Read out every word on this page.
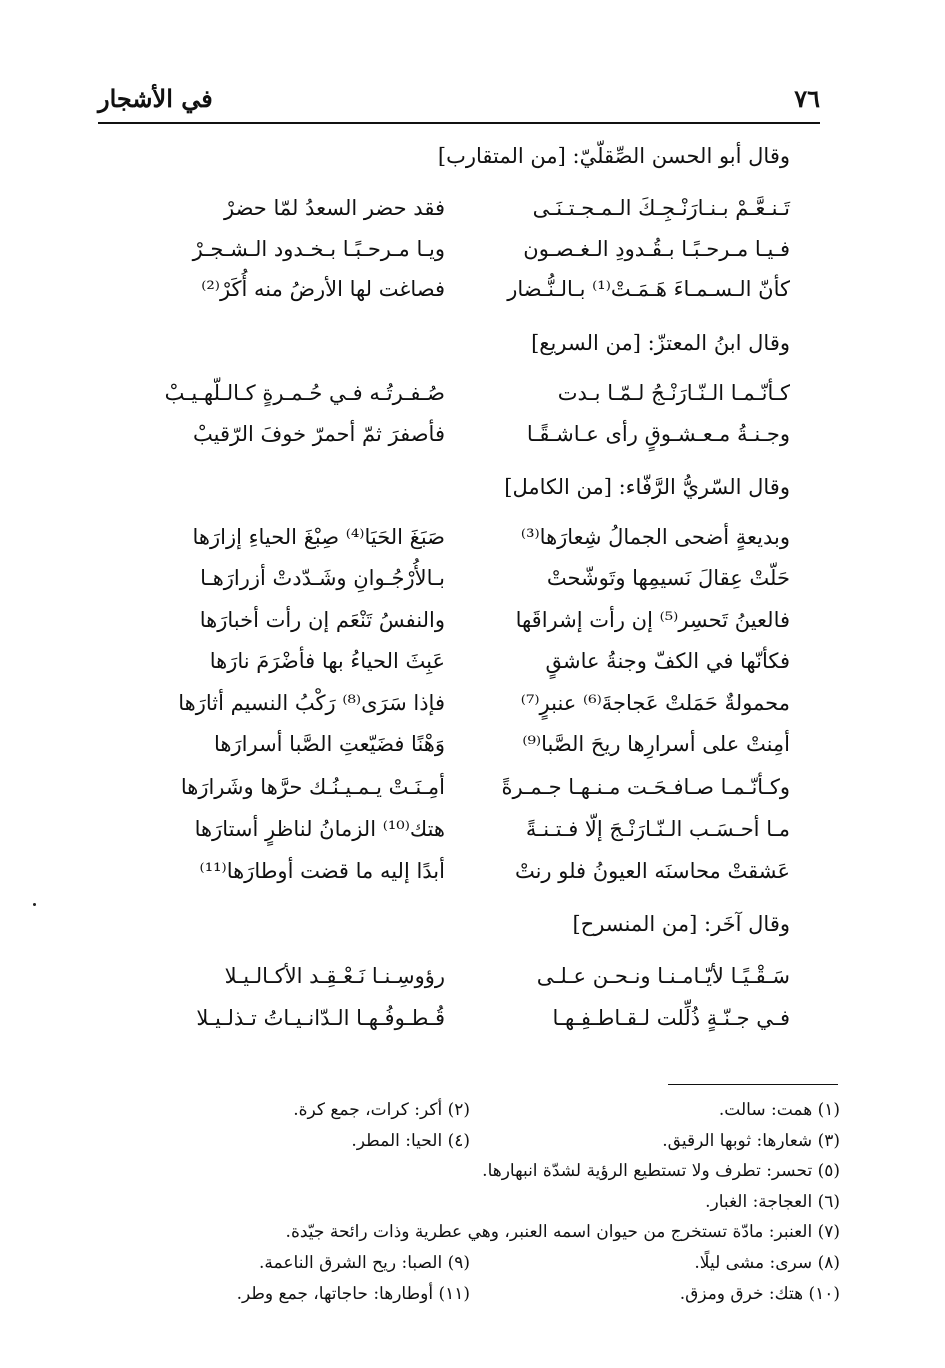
٧٦
في الأشجار
وقال أبو الحسن الصِّقلّيّ: [من المتقارب]
تَـنـعَّـمْ بـنـارَنْـجِـكَ الـمـجـتـنَـى
فقد حضر السعدُ لمّا حضرْ
فـيـا مـرحـبًـا بـقُـدودِ الـغـصـون
ويـا مـرحـبًـا بـخـدود الـشـجـرْ
كأنّ الـسـمـاءَ هَـمَـتْ⁽¹⁾ بـالـنُّـضار
فصاغت لها الأرضُ منه أُكَرْ⁽²⁾
وقال ابنُ المعتزّ: [من السريع]
كـأنّـمـا الـنّـارَنْـجُ لـمّـا بـدت
صُـفـرتُـه فـي حُـمـرةٍ كـالـلّهـيـبْ
وجـنـةُ مـعـشـوقٍ رأى عـاشـقًـا
فأصفرَ ثمّ أحمرّ خوفَ الرّقيبْ
وقال السّريُّ الرَّفّاء: [من الكامل]
وبديعةٍ أضحى الجمالُ شِعارَها⁽³⁾
صَبَغَ الحَيَا⁽⁴⁾ صِبْغَ الحياءِ إزارَها
حَلّتْ عِقالَ نَسيمِها وتَوشّحتْ
بـالأُرْجُـوانِ وشَـدّدتْ أزرارَهـا
فالعينُ تَحسِر⁽⁵⁾ إن رأت إشراقَها
والنفسُ تَنْعَم إن رأت أخبارَها
فكأنّها في الكفّ وجنةُ عاشقٍ
عَبِثَ الحياءُ بها فأضْرَمَ نارَها
محمولةٌ حَمَلتْ عَجاجةَ⁽⁶⁾ عنبرٍ⁽⁷⁾
فإذا سَرَى⁽⁸⁾ رَكْبُ النسيم أثارَها
أمِنتْ على أسرارِها ريحَ الصَّبا⁽⁹⁾
وَهْنًا فضَيّعتِ الصَّبا أسرارَها
وكـأنّـمـا صـافـحَـت مـنـهـا جـمـرةً
أمِـنَـتْ يـمـيـنُـك حرَّها وشَرارَها
مـا أحـسَـب الـنّـارَنْـجَ إلّا فـتـنـةً
هتك⁽¹⁰⁾ الزمانُ لناظرٍ أستارَها
عَشقتْ محاسنَه العيونُ فلو رنتْ
أبدًا إليه ما قضت أوطارَها⁽¹¹⁾
وقال آخَر: [من المنسرح]
سَـقْـيًـا لأيّـامـنـا ونـحـن عـلـى
رؤوسِـنـا نَـعْـقِـد الأكـالـيـلا
فـي جـنّـةٍ ذُلِّلت لـقـاطـفِـهـا
قُـطـوفُـهـا الـدّانـيـاتُ تـذلـيـلا
(١) همت: سالت.
(٢) أكر: كرات، جمع كرة.
(٣) شعارها: ثوبها الرقيق.
(٤) الحيا: المطر.
(٥) تحسر: تطرف ولا تستطيع الرؤية لشدّة انبهارها.
(٦) العجاجة: الغبار.
(٧) العنبر: مادّة تستخرج من حيوان اسمه العنبر، وهي عطرية وذات رائحة جيّدة.
(٨) سرى: مشى ليلًا.
(٩) الصبا: ريح الشرق الناعمة.
(١٠) هتك: خرق ومزق.
(١١) أوطارها: حاجاتها، جمع وطر.
